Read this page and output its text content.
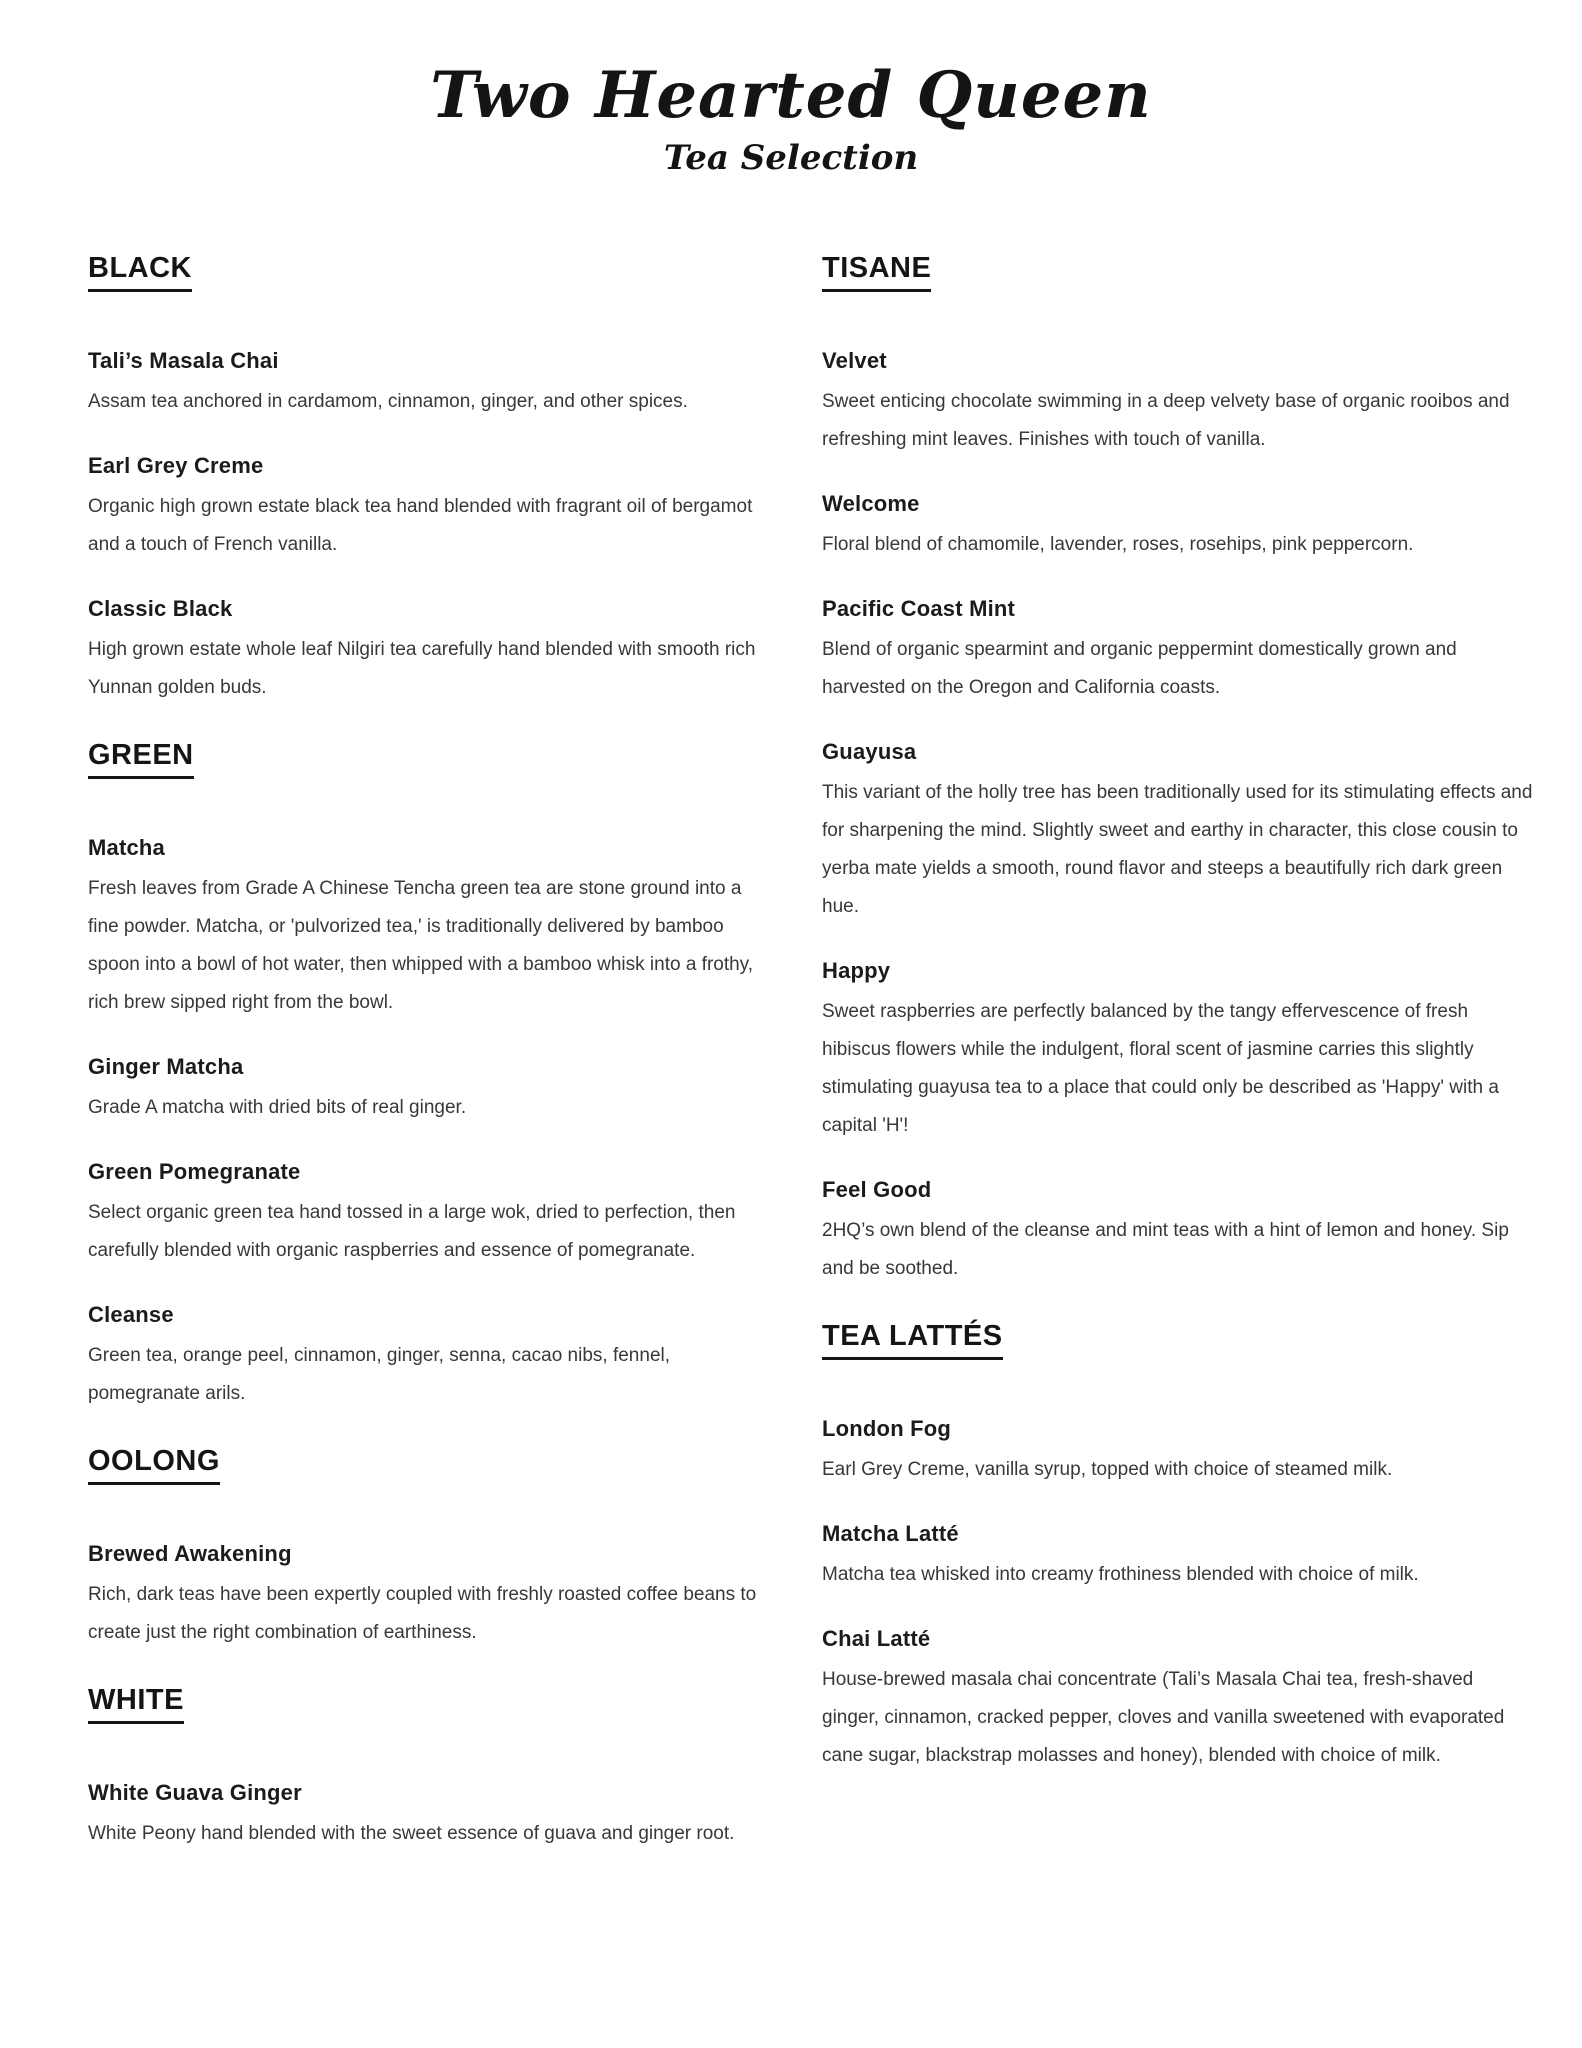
Two Hearted Queen
Tea Selection
BLACK
Tali’s Masala Chai

Assam tea anchored in cardamom, cinnamon, ginger, and other spices.

Earl Grey Creme

Organic high grown estate black tea hand blended with fragrant oil of bergamot and a touch of French vanilla.

Classic Black

High grown estate whole leaf Nilgiri tea carefully hand blended with smooth rich Yunnan golden buds.

GREEN
Matcha

Fresh leaves from Grade A Chinese Tencha green tea are stone ground into a fine powder. Matcha, or 'pulvorized tea,' is traditionally delivered by bamboo spoon into a bowl of hot water, then whipped with a bamboo whisk into a frothy, rich brew sipped right from the bowl.

Ginger Matcha

Grade A matcha with dried bits of real ginger.

Green Pomegranate

Select organic green tea hand tossed in a large wok, dried to perfection, then carefully blended with organic raspberries and essence of pomegranate.

Cleanse

Green tea, orange peel, cinnamon, ginger, senna, cacao nibs, fennel, pomegranate arils.

OOLONG
Brewed Awakening

Rich, dark teas have been expertly coupled with freshly roasted coffee beans to create just the right combination of earthiness.

WHITE
White Guava Ginger

White Peony hand blended with the sweet essence of guava and ginger root.

TISANE
Velvet

Sweet enticing chocolate swimming in a deep velvety base of organic rooibos and refreshing mint leaves. Finishes with touch of vanilla.

Welcome

Floral blend of chamomile, lavender, roses, rosehips, pink peppercorn.

Pacific Coast Mint

Blend of organic spearmint and organic peppermint domestically grown and harvested on the Oregon and California coasts.

Guayusa

This variant of the holly tree has been traditionally used for its stimulating effects and for sharpening the mind. Slightly sweet and earthy in character, this close cousin to yerba mate yields a smooth, round flavor and steeps a beautifully rich dark green hue.

Happy

Sweet raspberries are perfectly balanced by the tangy effervescence of fresh hibiscus flowers while the indulgent, floral scent of jasmine carries this slightly stimulating guayusa tea to a place that could only be described as 'Happy' with a capital 'H'!

Feel Good

2HQ’s own blend of the cleanse and mint teas with a hint of lemon and honey. Sip and be soothed.

TEA LATTÉS
London Fog

Earl Grey Creme, vanilla syrup, topped with choice of steamed milk.

Matcha Latté

Matcha tea whisked into creamy frothiness blended with choice of milk.

Chai Latté

House-brewed masala chai concentrate (Tali’s Masala Chai tea, fresh-shaved ginger, cinnamon, cracked pepper, cloves and vanilla sweetened with evaporated cane sugar, blackstrap molasses and honey), blended with choice of milk.
